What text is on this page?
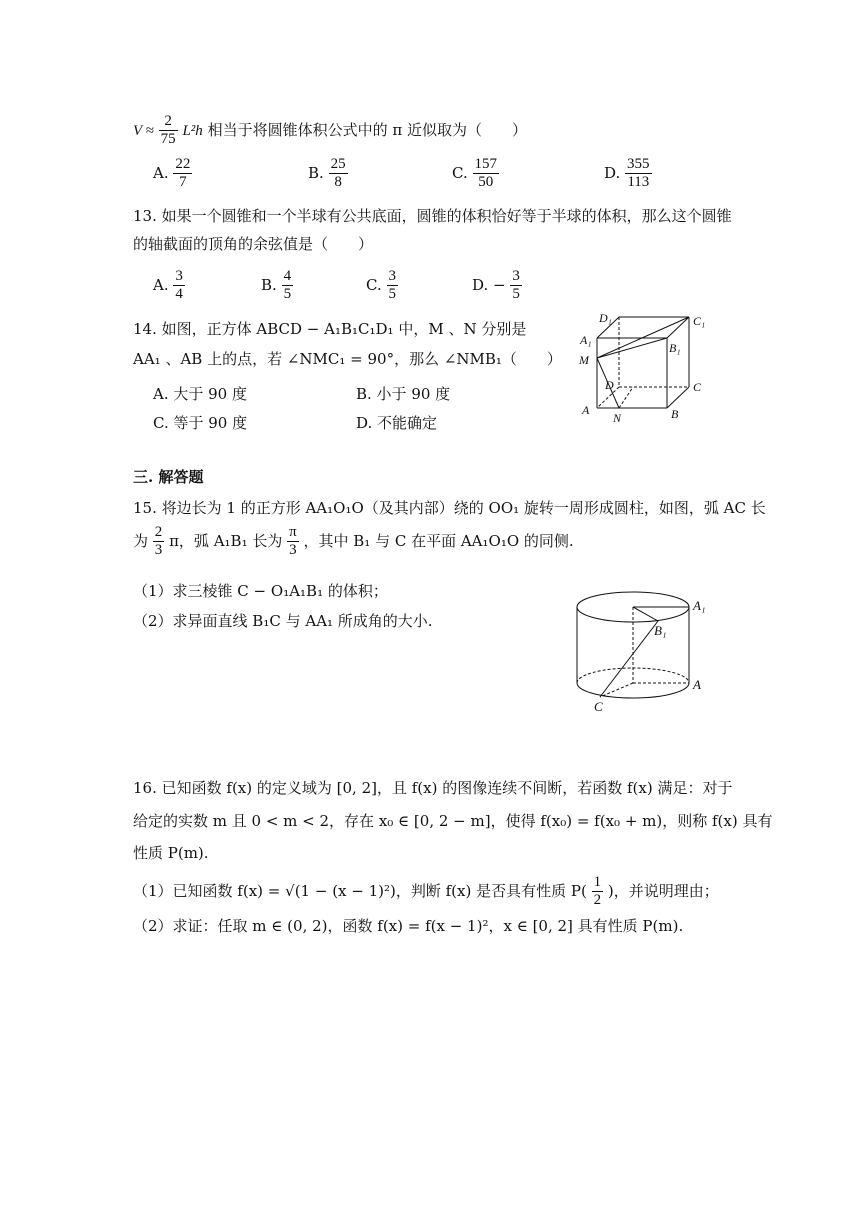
$V \approx \frac{2}{75} L^2h$ 相当于将圆锥体积公式中的 π 近似取为（　　）
A. $\frac{22}{7}$	B. $\frac{25}{8}$	C. $\frac{157}{50}$	D. $\frac{355}{113}$
13. 如果一个圆锥和一个半球有公共底面，圆锥的体积恰好等于半球的体积，那么这个圆锥
的轴截面的顶角的余弦值是（　　）
A. $\frac{3}{4}$	B. $\frac{4}{5}$	C. $\frac{3}{5}$	D. − $\frac{3}{5}$
14. 如图，正方体 ABCD − A₁B₁C₁D₁ 中，M 、N 分别是
AA₁ 、AB 上的点，若 ∠NMC₁ = 90°，那么 ∠NMB₁（　　）
A. 大于 90 度	B. 小于 90 度
C. 等于 90 度	D. 不能确定
D₁	C₁
A₁
B₁
M
D	C
A
N	B
三. 解答题
15. 将边长为 1 的正方形 AA₁O₁O（及其内部）绕的 OO₁ 旋转一周形成圆柱，如图，弧 AC 长
为 $\frac{2}{3}$ π，弧 A₁B₁ 长为 $\frac{\pi}{3}$ ，其中 B₁ 与 C 在平面 AA₁O₁O 的同侧.
（1）求三棱锥 C − O₁A₁B₁ 的体积；
（2）求异面直线 B₁C 与 AA₁ 所成角的大小.
A₁
B₁
A
C
16. 已知函数 f(x) 的定义域为 [0, 2]，且 f(x) 的图像连续不间断，若函数 f(x) 满足：对于
给定的实数 m 且 0 < m < 2，存在 x₀ ∈ [0, 2 − m]，使得 f(x₀) = f(x₀ + m)，则称 f(x) 具有
性质 P(m).
（1）已知函数 f(x) = √(1 − (x − 1)²)，判断 f(x) 是否具有性质 $P( \frac{1}{2}$ )，并说明理由；
（2）求证：任取 m ∈ (0, 2)，函数 f(x) = f(x − 1)²，x ∈ [0, 2] 具有性质 P(m).
